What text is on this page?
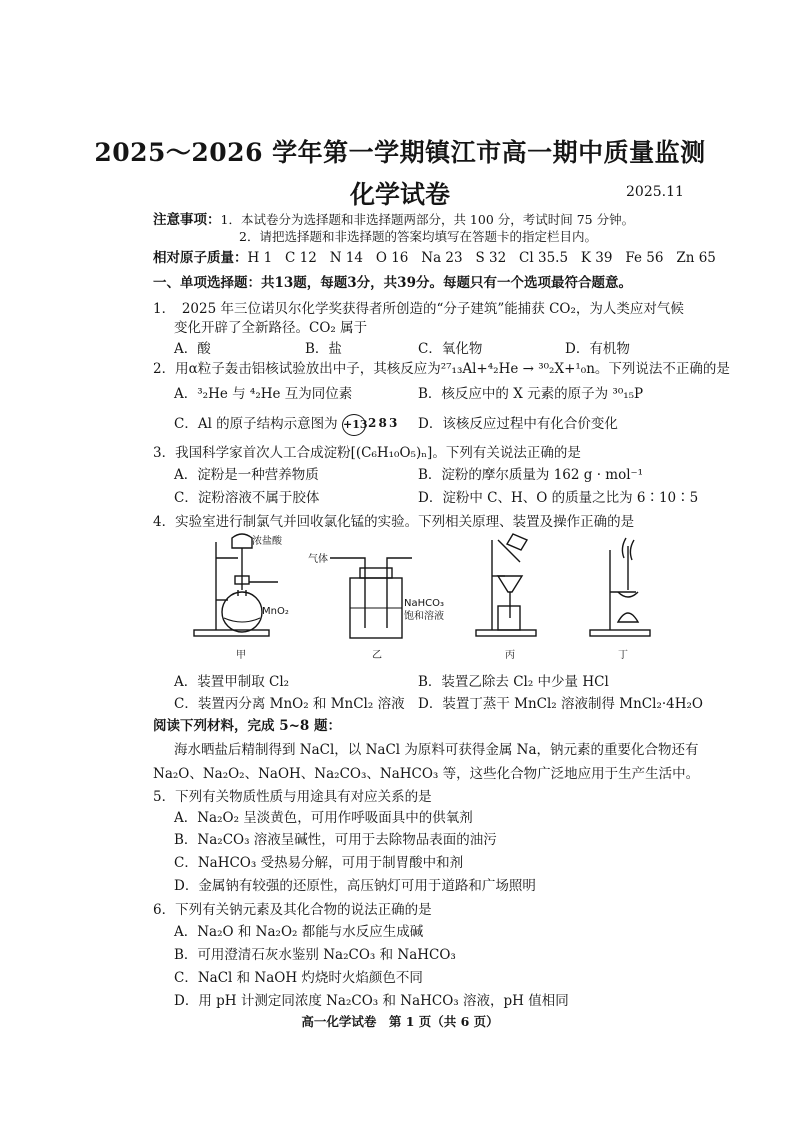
2025～2026 学年第一学期镇江市高一期中质量监测
化学试卷	2025.11
注意事项：1．本试卷分为选择题和非选择题两部分，共 100 分，考试时间 75 分钟。
2．请把选择题和非选择题的答案均填写在答题卡的指定栏目内。
相对原子质量：H 1   C 12   N 14   O 16   Na 23   S 32   Cl 35.5   K 39   Fe 56   Zn 65
一、单项选择题：共13题，每题3分，共39分。每题只有一个选项最符合题意。
1．　2025 年三位诺贝尔化学奖获得者所创造的“分子建筑”能捕获 CO₂，为人类应对气候
变化开辟了全新路径。CO₂ 属于
A．酸	B．盐	C．氧化物	D．有机物
2．用α粒子轰击铝核试验放出中子，其核反应为²⁷₁₃Al+⁴₂He → ³⁰₂X+¹₀n。下列说法不正确的是
A．³₂He 与 ⁴₂He 互为同位素	B．核反应中的 X 元素的原子为 ³⁰₁₅P
C．Al 的原子结构示意图为 +13 2 8 3 D．该核反应过程中有化合价变化
3．我国科学家首次人工合成淀粉[(C₆H₁₀O₅)ₙ]。下列有关说法正确的是
A．淀粉是一种营养物质	B．淀粉的摩尔质量为 162 g · mol⁻¹
C．淀粉溶液不属于胶体	D．淀粉中 C、H、O 的质量之比为 6∶10∶5
4．实验室进行制氯气并回收氯化锰的实验。下列相关原理、装置及操作正确的是
浓盐酸
MnO₂
气体
NaHCO₃
饱和溶液
甲	乙	丙	丁
A．装置甲制取 Cl₂	B．装置乙除去 Cl₂ 中少量 HCl
C．装置丙分离 MnO₂ 和 MnCl₂ 溶液 D．装置丁蒸干 MnCl₂ 溶液制得 MnCl₂·4H₂O
阅读下列材料，完成 5~8 题：
海水晒盐后精制得到 NaCl，以 NaCl 为原料可获得金属 Na，钠元素的重要化合物还有
Na₂O、Na₂O₂、NaOH、Na₂CO₃、NaHCO₃ 等，这些化合物广泛地应用于生产生活中。
5．下列有关物质性质与用途具有对应关系的是
A．Na₂O₂ 呈淡黄色，可用作呼吸面具中的供氧剂
B．Na₂CO₃ 溶液呈碱性，可用于去除物品表面的油污
C．NaHCO₃ 受热易分解，可用于制胃酸中和剂
D．金属钠有较强的还原性，高压钠灯可用于道路和广场照明
6．下列有关钠元素及其化合物的说法正确的是
A．Na₂O 和 Na₂O₂ 都能与水反应生成碱
B．可用澄清石灰水鉴别 Na₂CO₃ 和 NaHCO₃
C．NaCl 和 NaOH 灼烧时火焰颜色不同
D．用 pH 计测定同浓度 Na₂CO₃ 和 NaHCO₃ 溶液，pH 值相同
高一化学试卷　第 1 页（共 6 页）
